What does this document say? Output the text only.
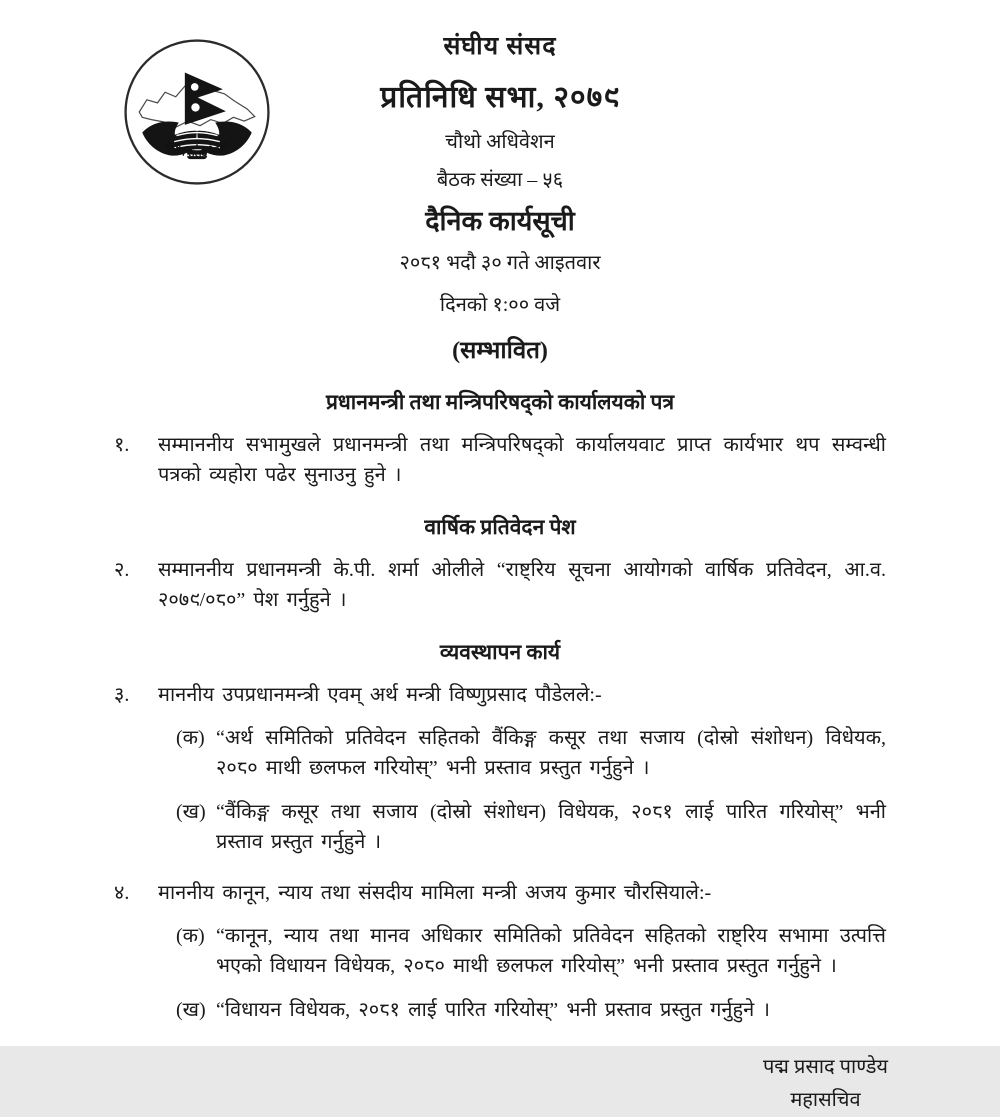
संघीय संसद नेपाल
संघीय संसद
प्रतिनिधि सभा, २०७९
चौथो अधिवेशन
बैठक संख्या – ५६
दैनिक कार्यसूची
२०८१ भदौ ३० गते आइतवार
दिनको १:०० वजे
(सम्भावित)
प्रधानमन्त्री तथा मन्त्रिपरिषद्को कार्यालयको पत्र
१.	सम्माननीय सभामुखले प्रधानमन्त्री तथा मन्त्रिपरिषद्को कार्यालयवाट प्राप्त कार्यभार थप सम्वन्धी पत्रको व्यहोरा पढेर सुनाउनु हुने ।
वार्षिक प्रतिवेदन पेश
२.	सम्माननीय प्रधानमन्त्री के.पी. शर्मा ओलीले “राष्ट्रिय सूचना आयोगको वार्षिक प्रतिवेदन, आ.व. २०७९/०८०” पेश गर्नुहुने ।
व्यवस्थापन कार्य
३.	माननीय उपप्रधानमन्त्री एवम् अर्थ मन्त्री विष्णुप्रसाद पौडेलले:-
(क) “अर्थ समितिको प्रतिवेदन सहितको वैंकिङ्ग कसूर तथा सजाय (दोस्रो संशोधन) विधेयक, २०८० माथी छलफल गरियोस्” भनी प्रस्ताव प्रस्तुत गर्नुहुने ।
(ख) “वैंकिङ्ग कसूर तथा सजाय (दोस्रो संशोधन) विधेयक, २०८१ लाई पारित गरियोस्” भनी प्रस्ताव प्रस्तुत गर्नुहुने ।
४.	माननीय कानून, न्याय तथा संसदीय मामिला मन्त्री अजय कुमार चौरसियाले:-
(क) “कानून, न्याय तथा मानव अधिकार समितिको प्रतिवेदन सहितको राष्ट्रिय सभामा उत्पत्ति भएको विधायन विधेयक, २०८० माथी छलफल गरियोस्” भनी प्रस्ताव प्रस्तुत गर्नुहुने ।
(ख) “विधायन विधेयक, २०८१ लाई पारित गरियोस्” भनी प्रस्ताव प्रस्तुत गर्नुहुने ।
पद्म प्रसाद पाण्डेय
महासचिव
